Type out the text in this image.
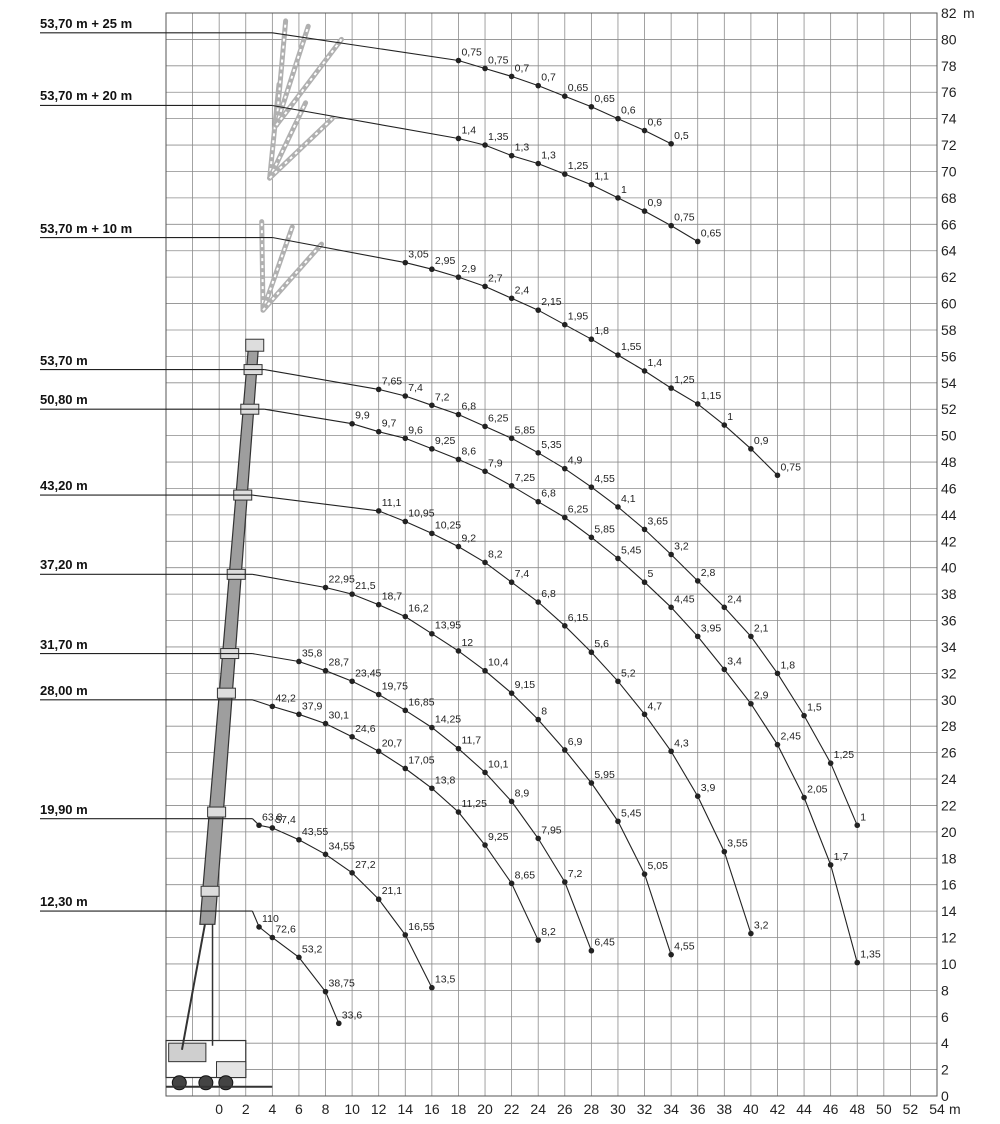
0
2
4
6
8
10
12
14
16
18
20
22
24
26
28
30
32
34
36
38
40
42
44
46
48
50
52
54
56
58
60
62
64
66
68
70
72
74
76
78
80
82 m
0 2 4 6 8 10 12 14 16 18 20 22 24 26 28 30 32 34 36 38 40 42 44 46 48 50 52 54 m
110
72,6
53,2
38,75
33,6
63,8
57,4
43,55
34,55
27,2
21,1
16,55
13,5
42,2
37,9
30,1
24,6
20,7
17,05
13,8
11,25
9,25
8,65
8,2
35,8
28,7
23,45
19,75
16,85
14,25
11,7
10,1
8,9
7,95
7,2
6,45
22,95
21,5
18,7
16,2
13,95
12
10,4
9,15
8
6,9
5,95
5,45
5,05
4,55
11,1
10,95
10,25
9,2
8,2
7,4
6,8
6,15
5,6
5,2
4,7
4,3
3,9
3,55
3,2
9,9
9,7
9,6
9,25
8,6
7,9
7,25
6,8
6,25
5,85
5,45
5
4,45
3,95
3,4
2,9
2,45
2,05
1,7
1,35
7,65
7,4
7,2
6,8
6,25
5,85
5,35
4,9
4,55
4,1
3,65
3,2
2,8
2,4
2,1
1,8
1,5
1,25
1
3,05
2,95
2,9
2,7
2,4
2,15
1,95
1,8
1,55
1,4
1,25
1,15
1
0,9
0,75
1,4
1,35
1,3
1,3
1,25
1,1
1
0,9
0,75
0,65
0,75
0,75
0,7
0,7
0,65
0,65
0,6
0,6
0,5
12,30 m
19,90 m
28,00 m
31,70 m
37,20 m
43,20 m
50,80 m
53,70 m
53,70 m + 10 m
53,70 m + 20 m
53,70 m + 25 m
